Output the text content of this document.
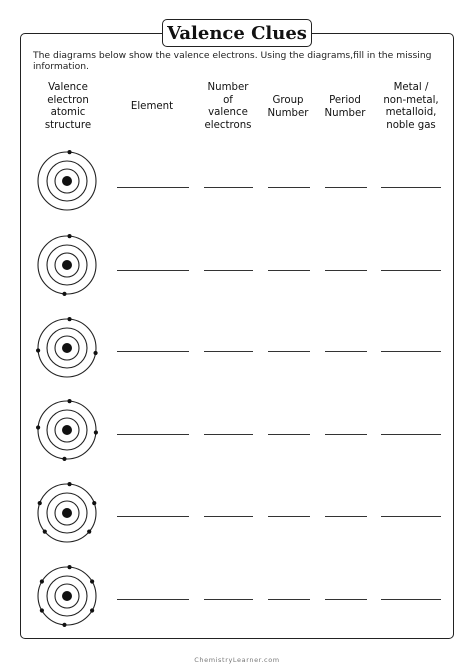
Valence Clues
The diagrams below show the valence electrons. Using the diagrams,fill in the missing information.
Valence
electron
atomic
structure
Element
Number
of
valence
electrons
Group
Number
Period
Number
Metal /
non-metal,
metalloid,
noble gas
ChemistryLearner.com
